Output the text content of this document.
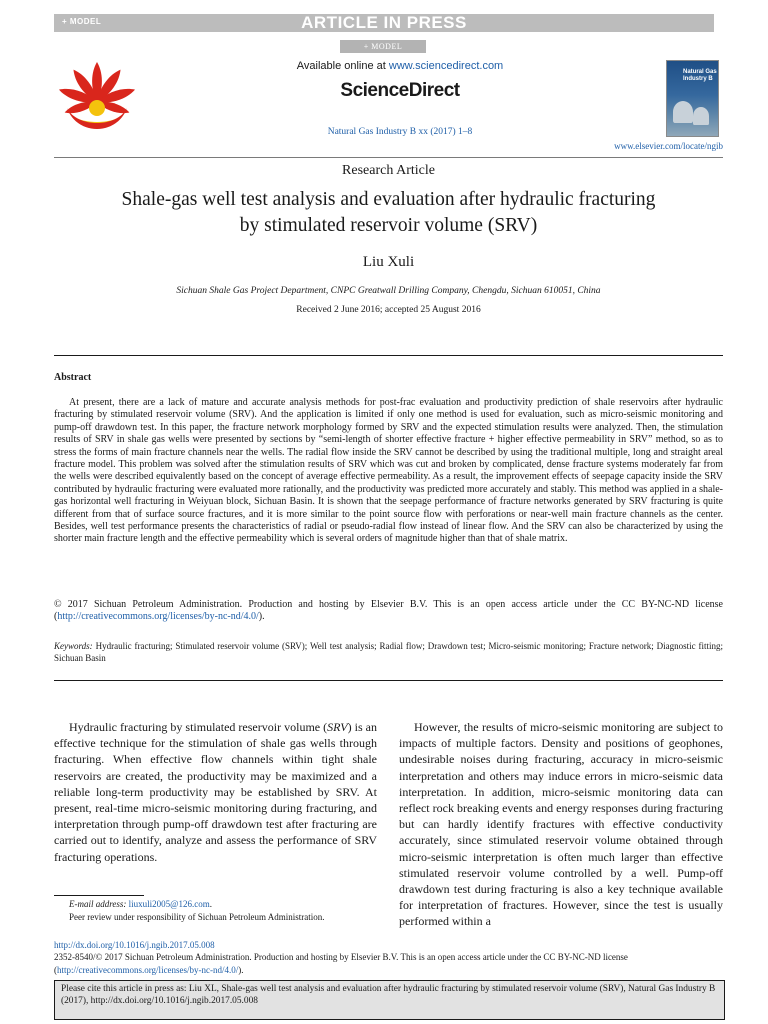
+ MODEL	ARTICLE IN PRESS
+ MODEL
Available online at www.sciencedirect.com
ScienceDirect
Natural Gas Industry B xx (2017) 1–8
Natural Gas Industry B
www.elsevier.com/locate/ngib
Research Article
Shale-gas well test analysis and evaluation after hydraulic fracturing
by stimulated reservoir volume (SRV)
Liu Xuli
Sichuan Shale Gas Project Department, CNPC Greatwall Drilling Company, Chengdu, Sichuan 610051, China
Received 2 June 2016; accepted 25 August 2016
Abstract

At present, there are a lack of mature and accurate analysis methods for post-frac evaluation and productivity prediction of shale reservoirs after hydraulic fracturing by stimulated reservoir volume (SRV). And the application is limited if only one method is used for evaluation, such as micro-seismic monitoring and pump-off drawdown test. In this paper, the fracture network morphology formed by SRV and the expected stimulation results were analyzed. Then, the stimulation results of SRV in shale gas wells were presented by sections by “semi-length of shorter effective fracture + higher effective permeability in SRV” method, so as to stress the forms of main fracture channels near the wells. The radial flow inside the SRV cannot be described by using the traditional multiple, long and straight areal fracture model. This problem was solved after the stimulation results of SRV which was cut and broken by complicated, dense fracture systems moderately far from the wells were described equivalently based on the concept of average effective permeability. As a result, the improvement effects of seepage capacity inside the SRV contributed by hydraulic fracturing were evaluated more rationally, and the productivity was predicted more accurately and stably. This method was applied in a shale-gas horizontal well fracturing in Weiyuan block, Sichuan Basin. It is shown that the seepage performance of fracture networks generated by SRV fracturing is quite different from that of surface source fractures, and it is more similar to the point source flow with perforations or near-well main fracture channels as the center. Besides, well test performance presents the characteristics of radial or pseudo-radial flow instead of linear flow. And the SRV can also be characterized by using the shorter main fracture length and the effective permeability which is several orders of magnitude higher than that of shale matrix.

© 2017 Sichuan Petroleum Administration. Production and hosting by Elsevier B.V. This is an open access article under the CC BY-NC-ND license (http://creativecommons.org/licenses/by-nc-nd/4.0/).
Keywords: Hydraulic fracturing; Stimulated reservoir volume (SRV); Well test analysis; Radial flow; Drawdown test; Micro-seismic monitoring; Fracture network; Diagnostic fitting; Sichuan Basin

Hydraulic fracturing by stimulated reservoir volume (SRV) is an effective technique for the stimulation of shale gas wells through fracturing. When effective flow channels within tight shale reservoirs are created, the productivity may be maximized and a reliable long-term productivity may be established by SRV. At present, real-time micro-seismic monitoring during fracturing, and interpretation through pump-off drawdown test after fracturing are carried out to identify, analyze and assess the performance of SRV fracturing operations.

However, the results of micro-seismic monitoring are subject to impacts of multiple factors. Density and positions of geophones, undesirable noises during fracturing, accuracy in micro-seismic interpretation and others may induce errors in micro-seismic data interpretation. In addition, micro-seismic monitoring data can reflect rock breaking events and energy responses during fracturing but can hardly identify fractures with effective conductivity accurately, since stimulated reservoir volume obtained through micro-seismic interpretation is often much larger than effective stimulated reservoir volume controlled by a well. Pump-off drawdown test during fracturing is also a key technique available for interpretation of fractures. However, since the test is usually performed within a

E-mail address: liuxuli2005@126.com.
Peer review under responsibility of Sichuan Petroleum Administration.
http://dx.doi.org/10.1016/j.ngib.2017.05.008
2352-8540/© 2017 Sichuan Petroleum Administration. Production and hosting by Elsevier B.V. This is an open access article under the CC BY-NC-ND license (http://creativecommons.org/licenses/by-nc-nd/4.0/).
Please cite this article in press as: Liu XL, Shale-gas well test analysis and evaluation after hydraulic fracturing by stimulated reservoir volume (SRV), Natural Gas Industry B (2017), http://dx.doi.org/10.1016/j.ngib.2017.05.008
